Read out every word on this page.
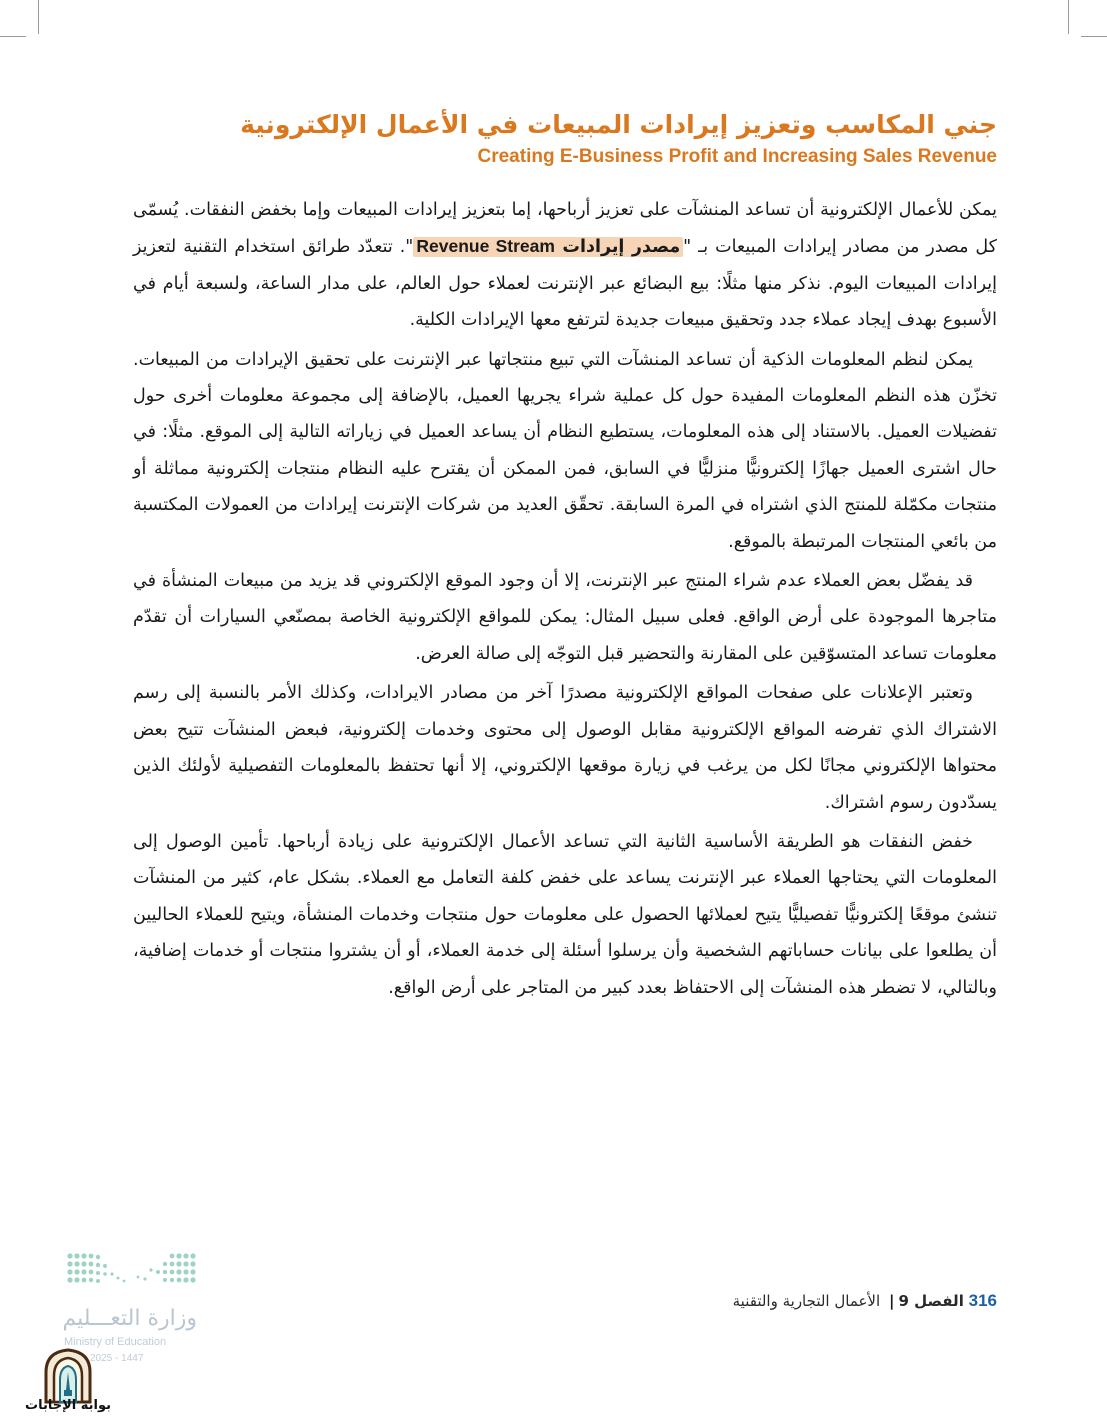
جني المكاسب وتعزيز إيرادات المبيعات في الأعمال الإلكترونية
Creating E-Business Profit and Increasing Sales Revenue

يمكن للأعمال الإلكترونية أن تساعد المنشآت على تعزيز أرباحها، إما بتعزيز إيرادات المبيعات وإما بخفض النفقات. يُسمّى كل مصدر من مصادر إيرادات المبيعات بـ "مصدر إيرادات Revenue Stream". تتعدّد طرائق استخدام التقنية لتعزيز إيرادات المبيعات اليوم. نذكر منها مثلًا: بيع البضائع عبر الإنترنت لعملاء حول العالم، على مدار الساعة، ولسبعة أيام في الأسبوع بهدف إيجاد عملاء جدد وتحقيق مبيعات جديدة لترتفع معها الإيرادات الكلية.

يمكن لنظم المعلومات الذكية أن تساعد المنشآت التي تبيع منتجاتها عبر الإنترنت على تحقيق الإيرادات من المبيعات. تخزّن هذه النظم المعلومات المفيدة حول كل عملية شراء يجريها العميل، بالإضافة إلى مجموعة معلومات أخرى حول تفضيلات العميل. بالاستناد إلى هذه المعلومات، يستطيع النظام أن يساعد العميل في زياراته التالية إلى الموقع. مثلًا: في حال اشترى العميل جهازًا إلكترونيًّا منزليًّا في السابق، فمن الممكن أن يقترح عليه النظام منتجات إلكترونية مماثلة أو منتجات مكمّلة للمنتج الذي اشتراه في المرة السابقة. تحقّق العديد من شركات الإنترنت إيرادات من العمولات المكتسبة من بائعي المنتجات المرتبطة بالموقع.

قد يفضّل بعض العملاء عدم شراء المنتج عبر الإنترنت، إلا أن وجود الموقع الإلكتروني قد يزيد من مبيعات المنشأة في متاجرها الموجودة على أرض الواقع. فعلى سبيل المثال: يمكن للمواقع الإلكترونية الخاصة بمصنّعي السيارات أن تقدّم معلومات تساعد المتسوّقين على المقارنة والتحضير قبل التوجّه إلى صالة العرض.

وتعتبر الإعلانات على صفحات المواقع الإلكترونية مصدرًا آخر من مصادر الايرادات، وكذلك الأمر بالنسبة إلى رسم الاشتراك الذي تفرضه المواقع الإلكترونية مقابل الوصول إلى محتوى وخدمات إلكترونية، فبعض المنشآت تتيح بعض محتواها الإلكتروني مجانًا لكل من يرغب في زيارة موقعها الإلكتروني، إلا أنها تحتفظ بالمعلومات التفصيلية لأولئك الذين يسدّدون رسوم اشتراك.

خفض النفقات هو الطريقة الأساسية الثانية التي تساعد الأعمال الإلكترونية على زيادة أرباحها. تأمين الوصول إلى المعلومات التي يحتاجها العملاء عبر الإنترنت يساعد على خفض كلفة التعامل مع العملاء. بشكل عام، كثير من المنشآت تنشئ موقعًا إلكترونيًّا تفصيليًّا يتيح لعملائها الحصول على معلومات حول منتجات وخدمات المنشأة، ويتيح للعملاء الحاليين أن يطلعوا على بيانات حساباتهم الشخصية وأن يرسلوا أسئلة إلى خدمة العملاء، أو أن يشتروا منتجات أو خدمات إضافية، وبالتالي، لا تضطر هذه المنشآت إلى الاحتفاظ بعدد كبير من المتاجر على أرض الواقع.

316 الفصل 9| الأعمال التجارية والتقنية
وزارة التعـــليم
Ministry of Education
2025 - 1447
بوابة الإجابات
